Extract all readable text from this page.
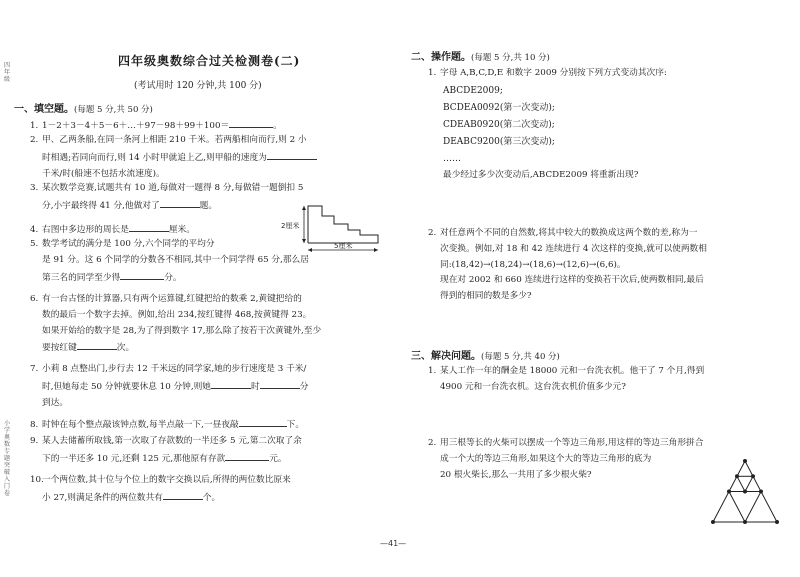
四年级
小学奥数专题突破入门卷
四年级奥数综合过关检测卷(二)
(考试用时 120 分钟,共 100 分)
一、填空题。(每题 5 分,共 50 分)
1. 1－2＋3－4＋5－6＋…＋97－98＋99＋100＝	。
2. 甲、乙两条船,在同一条河上相距 210 千米。若两船相向而行,则 2 小
时相遇;若同向而行,则 14 小时甲就追上乙,则甲船的速度为
千米/时(船速不包括水流速度)。
3. 某次数学竞赛,试题共有 10 道,每做对一题得 8 分,每做错一题倒扣 5
分,小宇最终得 41 分,他做对了	题。
4. 右图中多边形的周长是	厘米。	2厘米
5厘米
5. 数学考试的满分是 100 分,六个同学的平均分
是 91 分。这 6 个同学的分数各不相同,其中一个同学得 65 分,那么居
第三名的同学至少得	分。
6. 有一台古怪的计算器,只有两个运算键,红键把给的数乘 2,黄键把给的
数的最后一个数字去掉。例如,给出 234,按红键得 468,按黄键得 23。
如果开始给的数字是 28,为了得到数字 17,那么除了按若干次黄键外,至少
要按红键	次。
7. 小莉 8 点整出门,步行去 12 千米远的同学家,她的步行速度是 3 千米/
时,但她每走 50 分钟就要休息 10 分钟,则她	时	分
到达。
8. 时钟在每个整点敲该钟点数,每半点敲一下,一昼夜敲	下。
9. 某人去储蓄所取钱,第一次取了存款数的一半还多 5 元,第二次取了余
下的一半还多 10 元,还剩 125 元,那他原有存款	元。
10.一个两位数,其十位与个位上的数字交换以后,所得的两位数比原来
小 27,则满足条件的两位数共有	个。
二、操作题。(每题 5 分,共 10 分)
1. 字母 A,B,C,D,E 和数字 2009 分别按下列方式变动其次序:
ABCDE2009;
BCDEA0092(第一次变动);
CDEAB0920(第二次变动);
DEABC9200(第三次变动);
……
最少经过多少次变动后,ABCDE2009 将重新出现?
2. 对任意两个不同的自然数,将其中较大的数换成这两个数的差,称为一
次变换。例如,对 18 和 42 连续进行 4 次这样的变换,就可以使两数相
同:(18,42)→(18,24)→(18,6)→(12,6)→(6,6)。
现在对 2002 和 660 连续进行这样的变换若干次后,使两数相同,最后
得到的相同的数是多少?
三、解决问题。(每题 5 分,共 40 分)
1. 某人工作一年的酬金是 18000 元和一台洗衣机。他干了 7 个月,得到
4900 元和一台洗衣机。这台洗衣机价值多少元?
2. 用三根等长的火柴可以摆成一个等边三角形,用这样的等边三角形拼合
成一个大的等边三角形,如果这个大的等边三角形的底为
20 根火柴长,那么一共用了多少根火柴?
—41—
